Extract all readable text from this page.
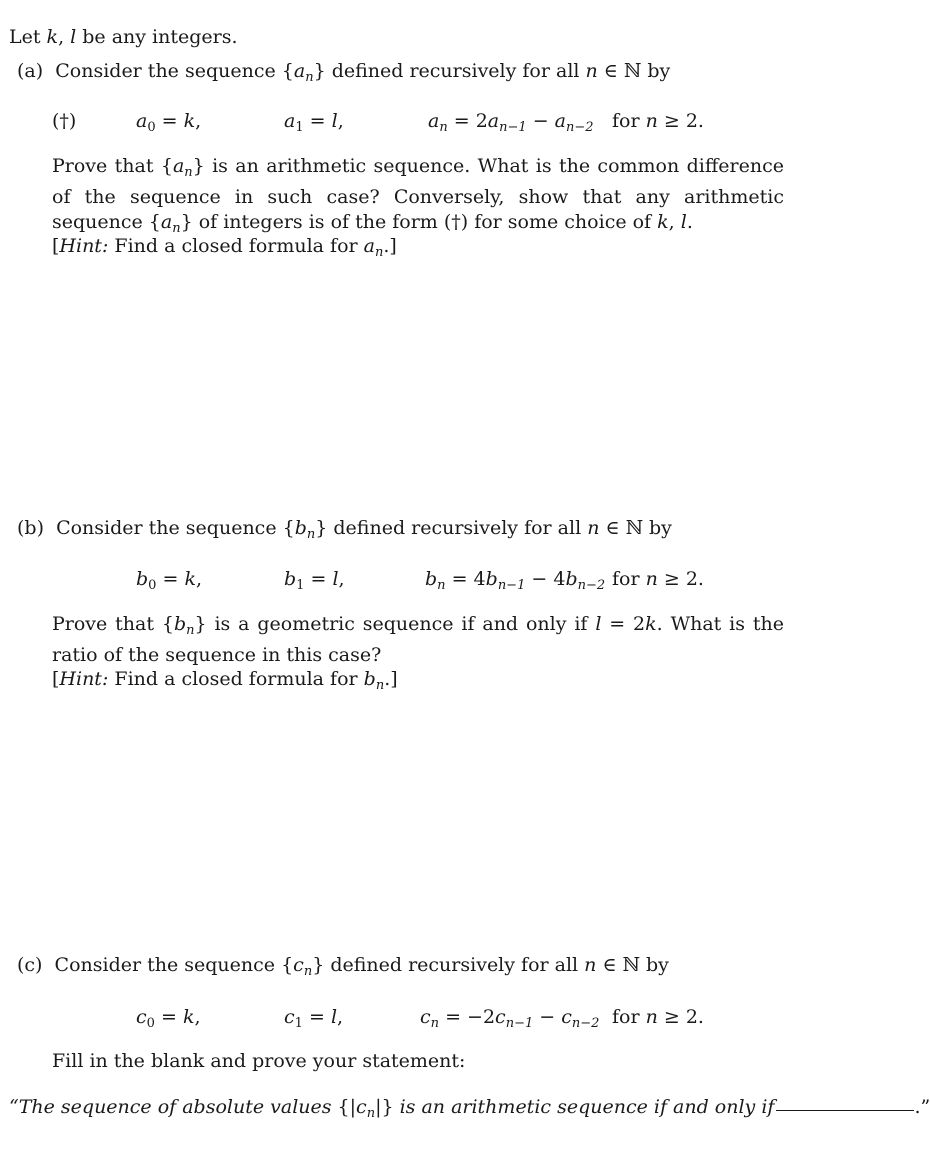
Let k, l be any integers.
(a)  Consider the sequence $\{a_n\}$ defined recursively for all n ∈ ℕ by
(†)	$a_0 = k$,	$a_1 = l$,	$a_n = 2a_{n-1} - a_{n-2}$ for n ≥ 2.
Prove that $\{a_n\}$ is an arithmetic sequence. What is the common difference of the sequence in such case? Conversely, show that any arithmetic sequence $\{a_n\}$ of integers is of the form (†) for some choice of k, l.
[Hint: Find a closed formula for $a_n$.]
(b)  Consider the sequence $\{b_n\}$ defined recursively for all n ∈ ℕ by
$b_0 = k$,	$b_1 = l$,	$b_n = 4b_{n-1} - 4b_{n-2}$ for n ≥ 2.
Prove that $\{b_n\}$ is a geometric sequence if and only if l = 2k. What is the ratio of the sequence in this case?
[Hint: Find a closed formula for $b_n$.]
(c)  Consider the sequence $\{c_n\}$ defined recursively for all n ∈ ℕ by
$c_0 = k$,	$c_1 = l$,	$c_n = -2c_{n-1} - c_{n-2}$ for n ≥ 2.
Fill in the blank and prove your statement:
“The sequence of absolute values $\{|c_n|\}$ is an arithmetic sequence if and only if	.”
